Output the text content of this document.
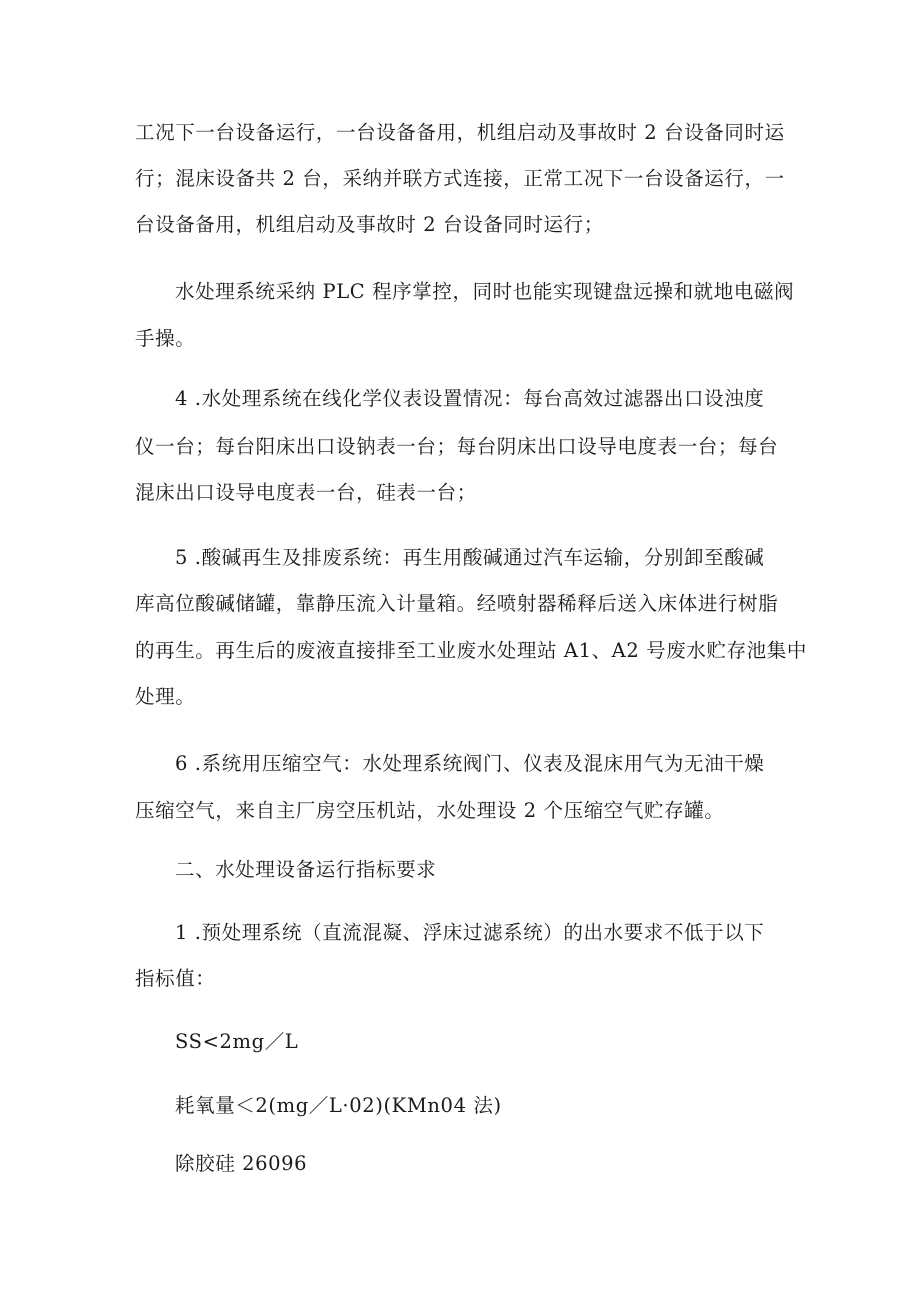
工况下一台设备运行，一台设备备用，机组启动及事故时 2 台设备同时运

行；混床设备共 2 台，采纳并联方式连接，正常工况下一台设备运行，一

台设备备用，机组启动及事故时 2 台设备同时运行；

水处理系统采纳 PLC 程序掌控，同时也能实现键盘远操和就地电磁阀

手操。

4 .水处理系统在线化学仪表设置情况：每台高效过滤器出口设浊度

仪一台；每台阳床出口设钠表一台；每台阴床出口设导电度表一台；每台

混床出口设导电度表一台，硅表一台；

5 .酸碱再生及排废系统：再生用酸碱通过汽车运输，分别卸至酸碱

库高位酸碱储罐，靠静压流入计量箱。经喷射器稀释后送入床体进行树脂

的再生。再生后的废液直接排至工业废水处理站 A1、A2 号废水贮存池集中

处理。

6 .系统用压缩空气：水处理系统阀门、仪表及混床用气为无油干燥

压缩空气，来自主厂房空压机站，水处理设 2 个压缩空气贮存罐。

二、水处理设备运行指标要求

1 .预处理系统（直流混凝、浮床过滤系统）的出水要求不低于以下

指标值：

SS<2mg／L

耗氧量＜2(mg／L·02)(KMn04 法)

除胶硅 26096
